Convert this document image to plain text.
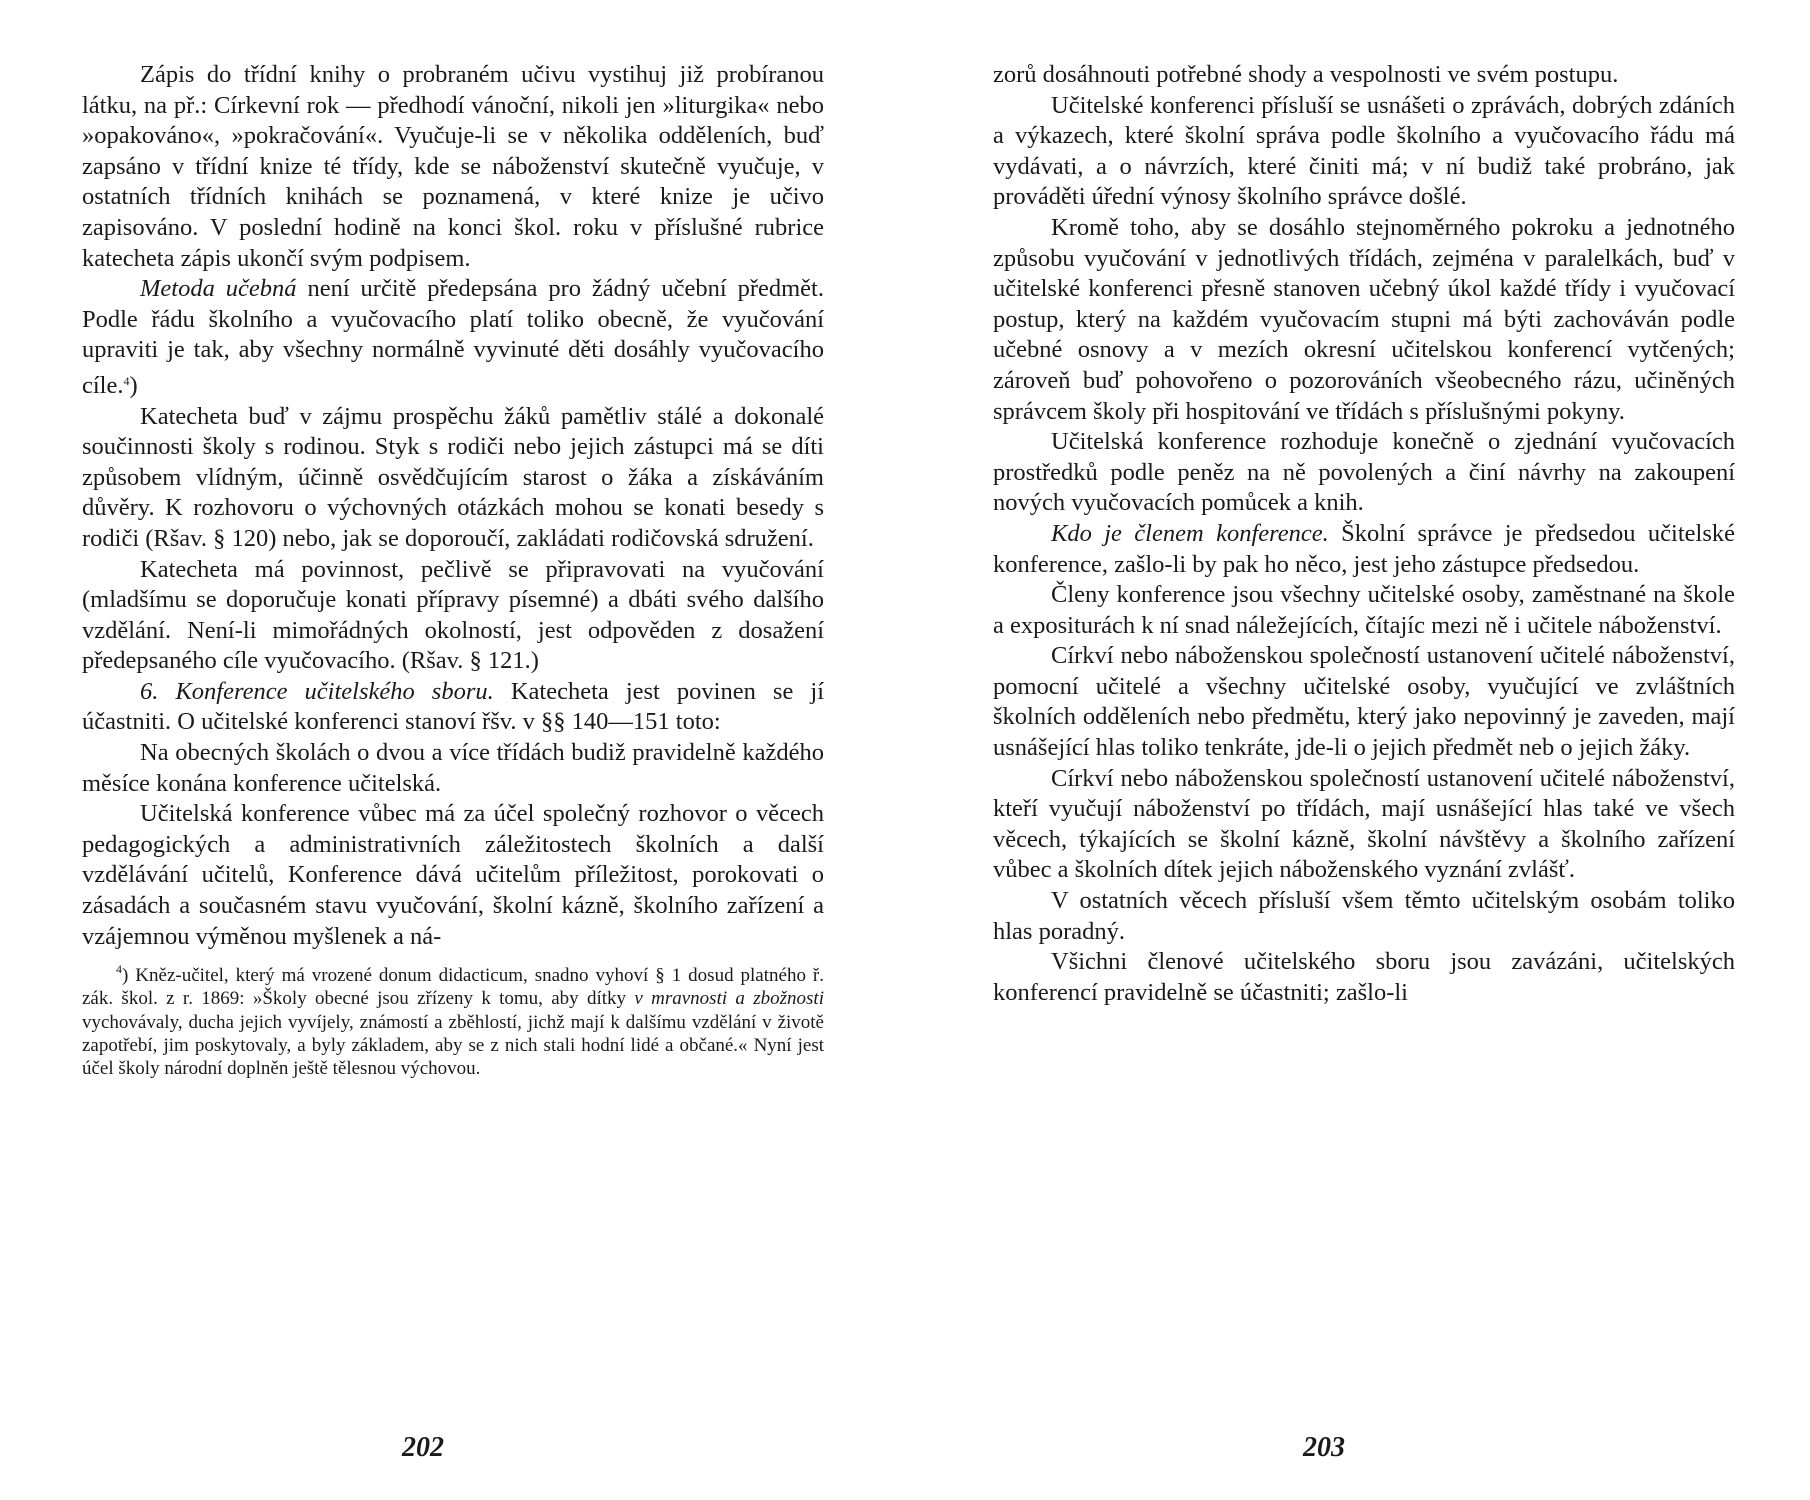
Zápis do třídní knihy o probraném učivu vystihuj již probíranou látku, na př.: Církevní rok — předhodí vánoční, nikoli jen »liturgika« nebo »opakováno«, »pokračování«. Vyučuje-li se v několika odděleních, buď zapsáno v třídní knize té třídy, kde se náboženství skutečně vyučuje, v ostatních třídních knihách se poznamená, v které knize je učivo zapisováno. V poslední hodině na konci škol. roku v příslušné rubrice katecheta zápis ukončí svým podpisem.

Metoda učebná není určitě předepsána pro žádný učební předmět. Podle řádu školního a vyučovacího platí toliko obecně, že vyučování upraviti je tak, aby všechny normálně vyvinuté děti dosáhly vyučovacího cíle.$^4$)

Katecheta buď v zájmu prospěchu žáků pamětliv stálé a dokonalé součinnosti školy s rodinou. Styk s rodiči nebo jejich zástupci má se díti způsobem vlídným, účinně osvědčujícím starost o žáka a získáváním důvěry. K rozhovoru o výchovných otázkách mohou se konati besedy s rodiči (Ršav. § 120) nebo, jak se doporoučí, zakládati rodičovská sdružení.

Katecheta má povinnost, pečlivě se připravovati na vyučování (mladšímu se doporučuje konati přípravy písemné) a dbáti svého dalšího vzdělání. Není-li mimořádných okolností, jest odpověden z dosažení předepsaného cíle vyučovacího. (Ršav. § 121.)

6. Konference učitelského sboru. Katecheta jest povinen se jí účastniti. O učitelské konferenci stanoví řšv. v §§ 140—151 toto:

Na obecných školách o dvou a více třídách budiž pravidelně každého měsíce konána konference učitelská.

Učitelská konference vůbec má za účel společný rozhovor o věcech pedagogických a administrativních záležitostech školních a další vzdělávání učitelů, Konference dává učitelům příležitost, porokovati o zásadách a současném stavu vyučování, školní kázně, školního zařízení a vzájemnou výměnou myšlenek a ná-

$^4$) Kněz-učitel, který má vrozené donum didacticum, snadno vyhoví § 1 dosud platného ř. zák. škol. z r. 1869: »Školy obecné jsou zřízeny k tomu, aby dítky v mravnosti a zbožnosti vychovávaly, ducha jejich vyvíjely, známostí a zběhlostí, jichž mají k dalšímu vzdělání v životě zapotřebí, jim poskytovaly, a byly základem, aby se z nich stali hodní lidé a občané.« Nyní jest účel školy národní doplněn ještě tělesnou výchovou.

202

zorů dosáhnouti potřebné shody a vespolnosti ve svém postupu.

Učitelské konferenci přísluší se usnášeti o zprávách, dobrých zdáních a výkazech, které školní správa podle školního a vyučovacího řádu má vydávati, a o návrzích, které činiti má; v ní budiž také probráno, jak prováděti úřední výnosy školního správce došlé.

Kromě toho, aby se dosáhlo stejnoměrného pokroku a jednotného způsobu vyučování v jednotlivých třídách, zejména v paralelkách, buď v učitelské konferenci přesně stanoven učebný úkol každé třídy i vyučovací postup, který na každém vyučovacím stupni má býti zachováván podle učebné osnovy a v mezích okresní učitelskou konferencí vytčených; zároveň buď pohovořeno o pozorováních všeobecného rázu, učiněných správcem školy při hospitování ve třídách s příslušnými pokyny.

Učitelská konference rozhoduje konečně o zjednání vyučovacích prostředků podle peněz na ně povolených a činí návrhy na zakoupení nových vyučovacích pomůcek a knih.

Kdo je členem konference. Školní správce je předsedou učitelské konference, zašlo-li by pak ho něco, jest jeho zástupce předsedou.

Členy konference jsou všechny učitelské osoby, zaměstnané na škole a expositurách k ní snad náležejících, čítajíc mezi ně i učitele náboženství.

Církví nebo náboženskou společností ustanovení učitelé náboženství, pomocní učitelé a všechny učitelské osoby, vyučující ve zvláštních školních odděleních nebo předmětu, který jako nepovinný je zaveden, mají usnášející hlas toliko tenkráte, jde-li o jejich předmět neb o jejich žáky.

Církví nebo náboženskou společností ustanovení učitelé náboženství, kteří vyučují náboženství po třídách, mají usnášející hlas také ve všech věcech, týkajících se školní kázně, školní návštěvy a školního zařízení vůbec a školních dítek jejich náboženského vyznání zvlášť.

V ostatních věcech přísluší všem těmto učitelským osobám toliko hlas poradný.

Všichni členové učitelského sboru jsou zavázáni, učitelských konferencí pravidelně se účastniti; zašlo-li

203
